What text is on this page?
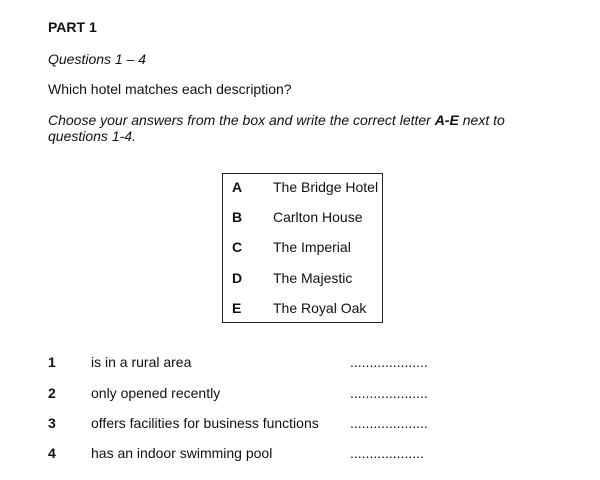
PART 1
Questions 1 – 4
Which hotel matches each description?
Choose your answers from the box and write the correct letter A-E next to questions 1-4.
A The Bridge Hotel
B Carlton House
C The Imperial
D The Majestic
E The Royal Oak
1	is in a rural area	....................
2	only opened recently	....................
3	offers facilities for business functions ....................
4	has an indoor swimming pool	...................
